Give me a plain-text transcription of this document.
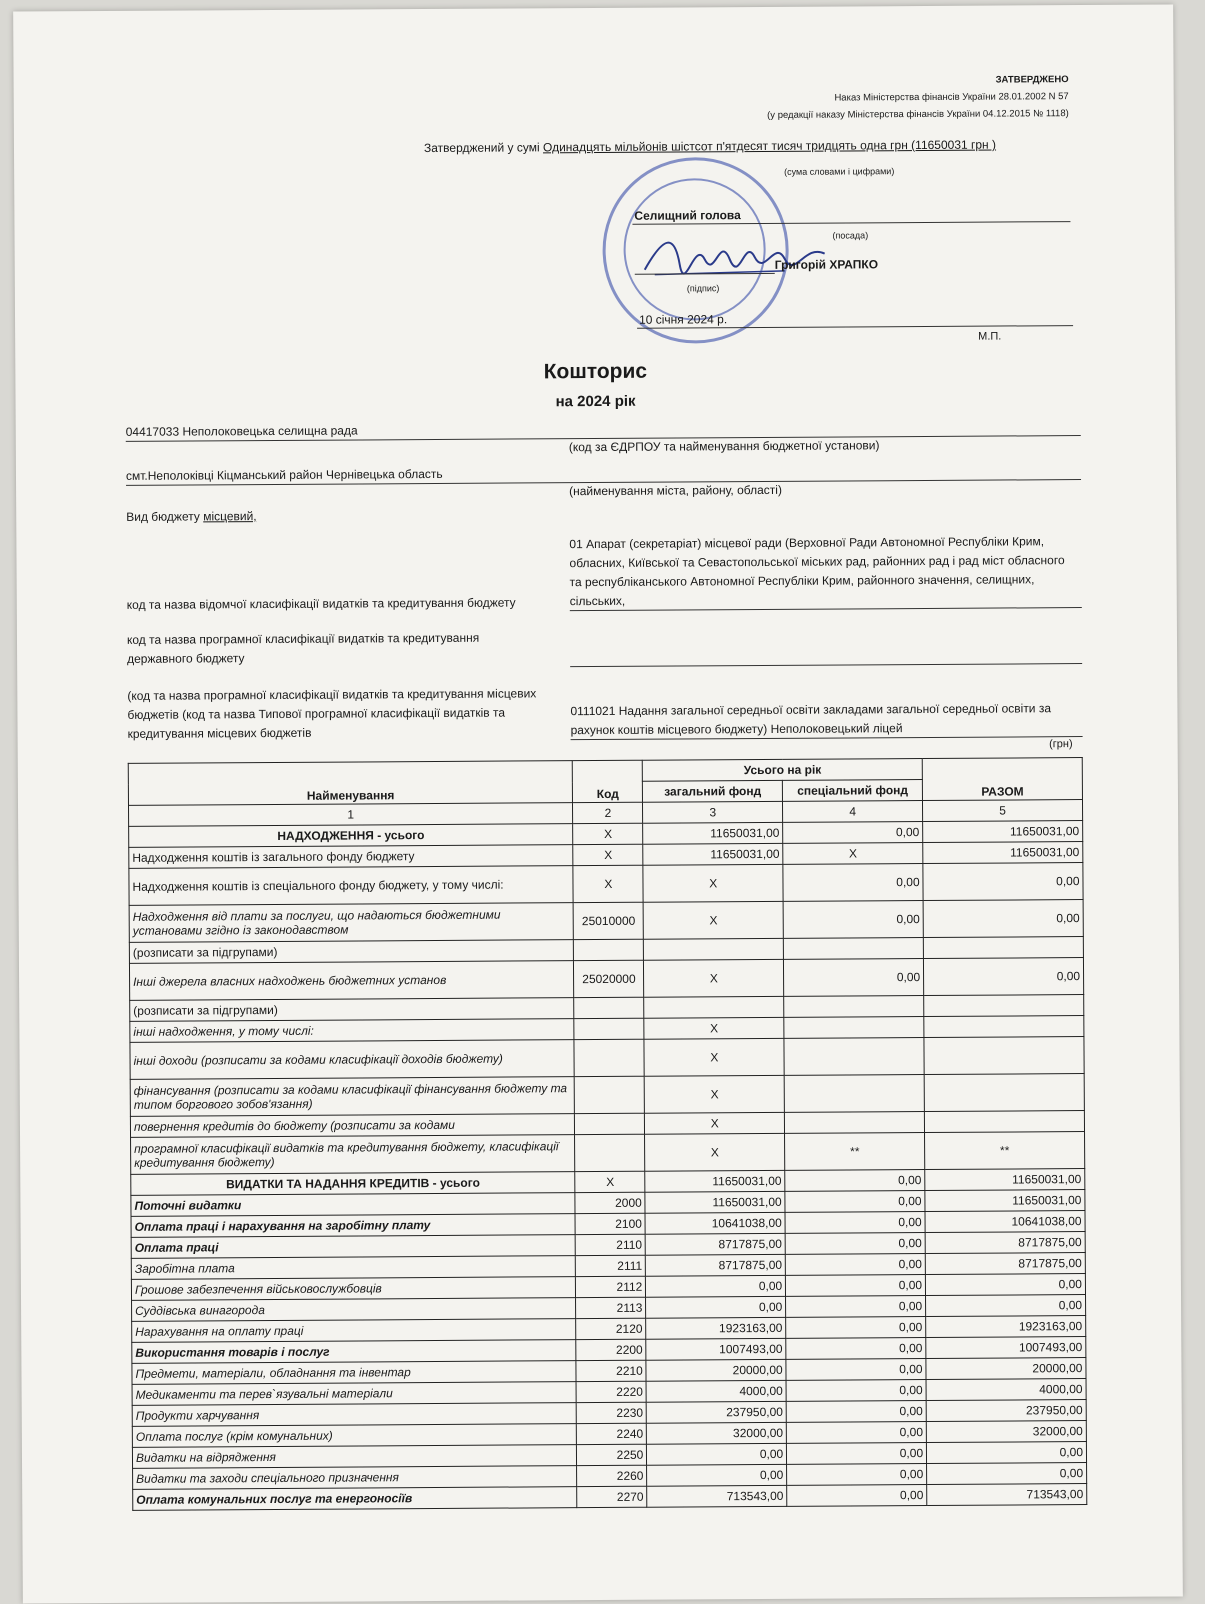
ЗАТВЕРДЖЕНО
Наказ Міністерства фінансів України 28.01.2002 N 57
(у редакції наказу Міністерства фінансів України 04.12.2015 № 1118)
Затверджений у сумі Одинадцять мільйонів шістсот п'ятдесят тисяч тридцять одна грн (11650031 грн )
(сума словами і цифрами)
Селищний голова
(посада)
Григорій ХРАПКО
(підпис)
10 січня 2024 р.
М.П.
Кошторис
на 2024 рік
04417033 Неполоковецька селищна рада
(код за ЄДРПОУ та найменування бюджетної установи)
смт.Неполоківці Кіцманський район Чернівецька область
(найменування міста, району, області)
Вид бюджету місцевий,
01 Апарат (секретаріат) місцевої ради (Верховної Ради Автономної Республіки Крим, обласних, Київської та Севастопольської міських рад, районних рад і рад міст обласного та республіканського Автономної Республіки Крим, районного значення, селищних, сільських,
код та назва відомчої класифікації видатків та кредитування бюджету
код та назва програмної класифікації видатків та кредитування державного бюджету
(код та назва програмної класифікації видатків та кредитування місцевих бюджетів (код та назва Типової програмної класифікації видатків та кредитування місцевих бюджетів
0111021 Надання загальної середньої освіти закладами загальної середньої освіти за рахунок коштів місцевого бюджету) Неполоковецький ліцей
(грн)
Найменування	Код	Усього на рік		РАЗОМ
		загальний фонд	спеціальний фонд	
1	2	3	4	5
НАДХОДЖЕННЯ - усього	Х	11650031,00	0,00	11650031,00
Надходження коштів із загального фонду бюджету	Х	11650031,00	Х	11650031,00
Надходження коштів із спеціального фонду бюджету, у тому числі:	Х	Х	0,00	0,00
Надходження від плати за послуги, що надаються бюджетними установами згідно із законодавством	25010000	Х	0,00	0,00
(розписати за підгрупами)				
Інші джерела власних надходжень бюджетних установ	25020000	Х	0,00	0,00
(розписати за підгрупами)				
інші надходження, у тому числі:		Х		
інші доходи (розписати за кодами класифікації доходів бюджету)		Х		
фінансування (розписати за кодами класифікації фінансування бюджету та типом боргового зобов'язання)		Х		
повернення кредитів до бюджету (розписати за кодами		Х		
програмної класифікації видатків та кредитування бюджету, класифікації кредитування бюджету)		Х	**	**
ВИДАТКИ ТА НАДАННЯ КРЕДИТІВ - усього	Х	11650031,00	0,00	11650031,00
Поточні видатки	2000	11650031,00	0,00	11650031,00
Оплата праці і нарахування на заробітну плату	2100	10641038,00	0,00	10641038,00
Оплата праці	2110	8717875,00	0,00	8717875,00
Заробітна плата	2111	8717875,00	0,00	8717875,00
Грошове забезпечення військовослужбовців	2112	0,00	0,00	0,00
Суддівська винагорода	2113	0,00	0,00	0,00
Нарахування на оплату праці	2120	1923163,00	0,00	1923163,00
Використання товарів і послуг	2200	1007493,00	0,00	1007493,00
Предмети, матеріали, обладнання та інвентар	2210	20000,00	0,00	20000,00
Медикаменти та перев`язувальні матеріали	2220	4000,00	0,00	4000,00
Продукти харчування	2230	237950,00	0,00	237950,00
Оплата послуг (крім комунальних)	2240	32000,00	0,00	32000,00
Видатки на відрядження	2250	0,00	0,00	0,00
Видатки та заходи спеціального призначення	2260	0,00	0,00	0,00
Оплата комунальних послуг та енергоносіїв	2270	713543,00	0,00	713543,00
